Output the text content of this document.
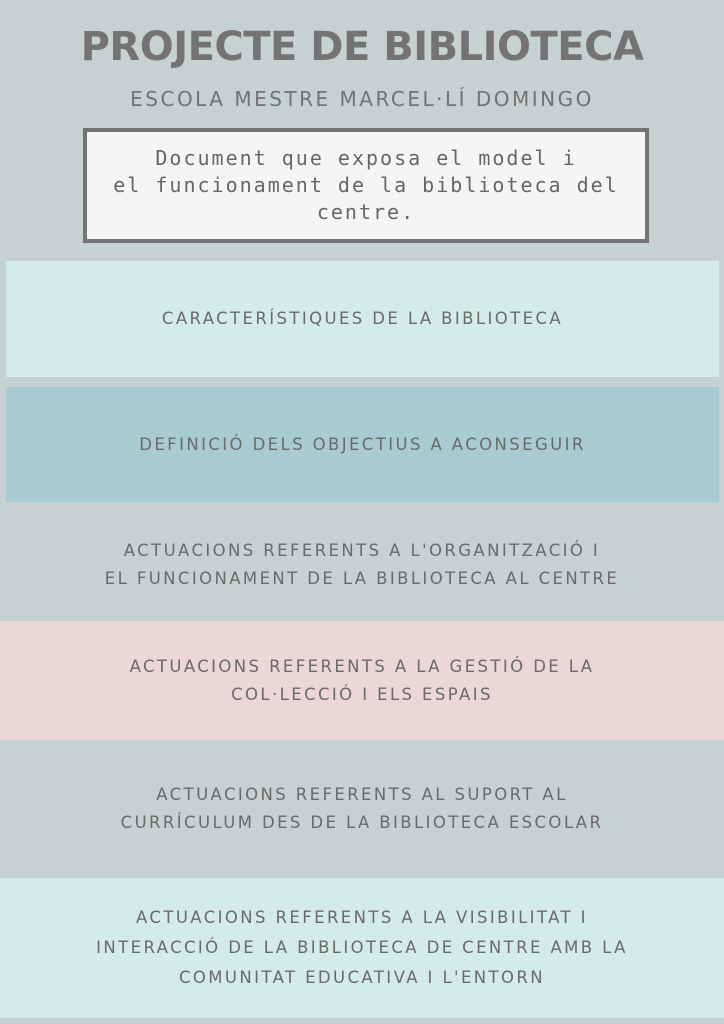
PROJECTE DE BIBLIOTECA
ESCOLA MESTRE MARCEL·LÍ DOMINGO
Document que exposa el model i
el funcionament de la biblioteca del
centre.
CARACTERÍSTIQUES DE LA BIBLIOTECA
DEFINICIÓ DELS OBJECTIUS A ACONSEGUIR
ACTUACIONS REFERENTS A L'ORGANITZACIÓ I
EL FUNCIONAMENT DE LA BIBLIOTECA AL CENTRE
ACTUACIONS REFERENTS A LA GESTIÓ DE LA
COL·LECCIÓ I ELS ESPAIS
ACTUACIONS REFERENTS AL SUPORT AL
CURRÍCULUM DES DE LA BIBLIOTECA ESCOLAR
ACTUACIONS REFERENTS A LA VISIBILITAT I
INTERACCIÓ DE LA BIBLIOTECA DE CENTRE AMB LA
COMUNITAT EDUCATIVA I L'ENTORN
